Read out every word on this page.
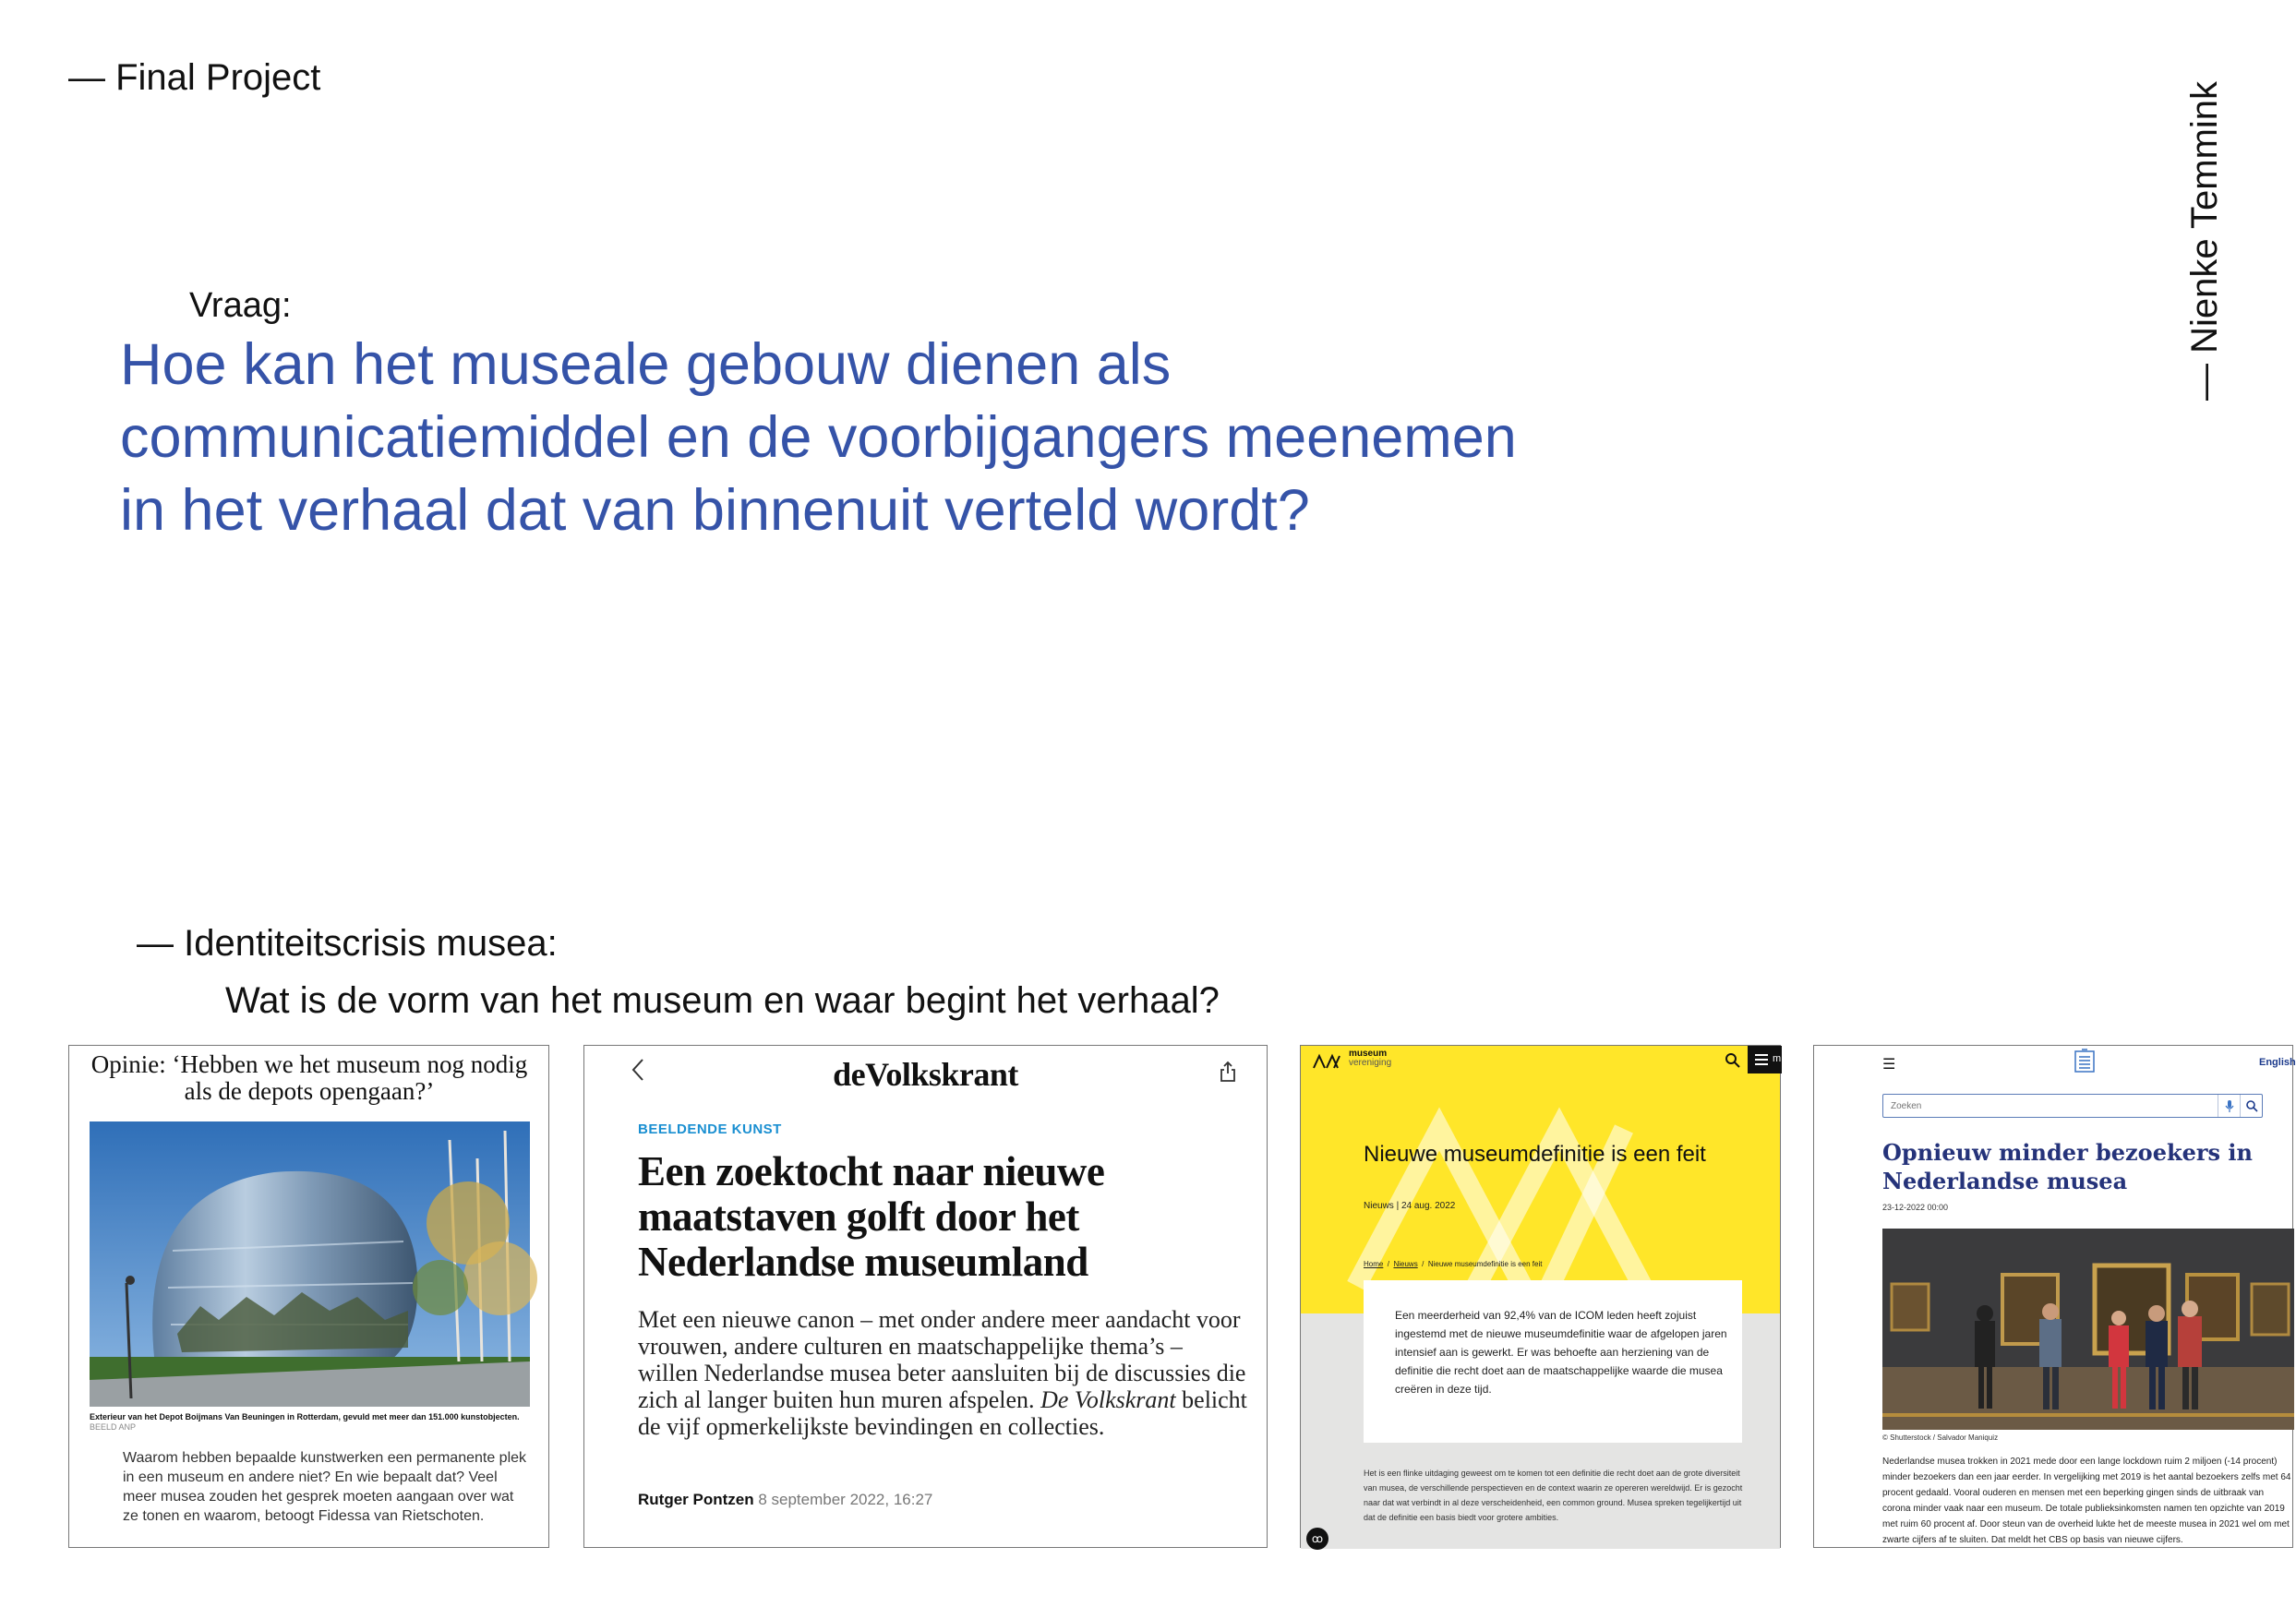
— Final Project
— Nienke Temmink
Vraag:
Hoe kan het museale gebouw dienen als
communicatiemiddel en de voorbijgangers meenemen
in het verhaal dat van binnenuit verteld wordt?
— Identiteitscrisis musea:
Wat is de vorm van het museum en waar begint het verhaal?
Opinie: ‘Hebben we het museum nog nodig als de depots opengaan?’
Exterieur van het Depot Boijmans Van Beuningen in Rotterdam, gevuld met meer dan 151.000 kunstobjecten. BEELD ANP
Waarom hebben bepaalde kunstwerken een permanente plek in een museum en andere niet? En wie bepaalt dat? Veel meer musea zouden het gesprek moeten aangaan over wat ze tonen en waarom, betoogt Fidessa van Rietschoten.
deVolkskrant
BEELDENDE KUNST
Een zoektocht naar nieuwe maatstaven golft door het Nederlandse museumland
Met een nieuwe canon – met onder andere meer aandacht voor vrouwen, andere culturen en maatschappelijke thema’s – willen Nederlandse musea beter aansluiten bij de discussies die zich al langer buiten hun muren afspelen. De Volkskrant belicht de vijf opmerkelijkste bevindingen en collecties.
Rutger Pontzen 8 september 2022, 16:27
museum
vereniging	m
Nieuwe museumdefinitie is een feit
Nieuws | 24 aug. 2022
Home  /  Nieuws  /  Nieuwe museumdefinitie is een feit

Een meerderheid van 92,4% van de ICOM leden heeft zojuist ingestemd met de nieuwe museumdefinitie waar de afgelopen jaren intensief aan is gewerkt. Er was behoefte aan herziening van de definitie die recht doet aan de maatschappelijke waarde die musea creëren in deze tijd.

Het is een flinke uitdaging geweest om te komen tot een definitie die recht doet aan de grote diversiteit van musea, de verschillende perspectieven en de context waarin ze opereren wereldwijd. Er is gezocht naar dat wat verbindt in al deze verscheidenheid, een common ground. Musea spreken tegelijkertijd uit dat de definitie een basis biedt voor grotere ambities.
ꝏ
☰	English
Zoeken
Opnieuw minder bezoekers in Nederlandse musea
23-12-2022 00:00
© Shutterstock / Salvador Maniquiz
Nederlandse musea trokken in 2021 mede door een lange lockdown ruim 2 miljoen (-14 procent) minder bezoekers dan een jaar eerder. In vergelijking met 2019 is het aantal bezoekers zelfs met 64 procent gedaald. Vooral ouderen en mensen met een beperking gingen sinds de uitbraak van corona minder vaak naar een museum. De totale publieksinkomsten namen ten opzichte van 2019 met ruim 60 procent af. Door steun van de overheid lukte het de meeste musea in 2021 wel om met zwarte cijfers af te sluiten. Dat meldt het CBS op basis van nieuwe cijfers.
